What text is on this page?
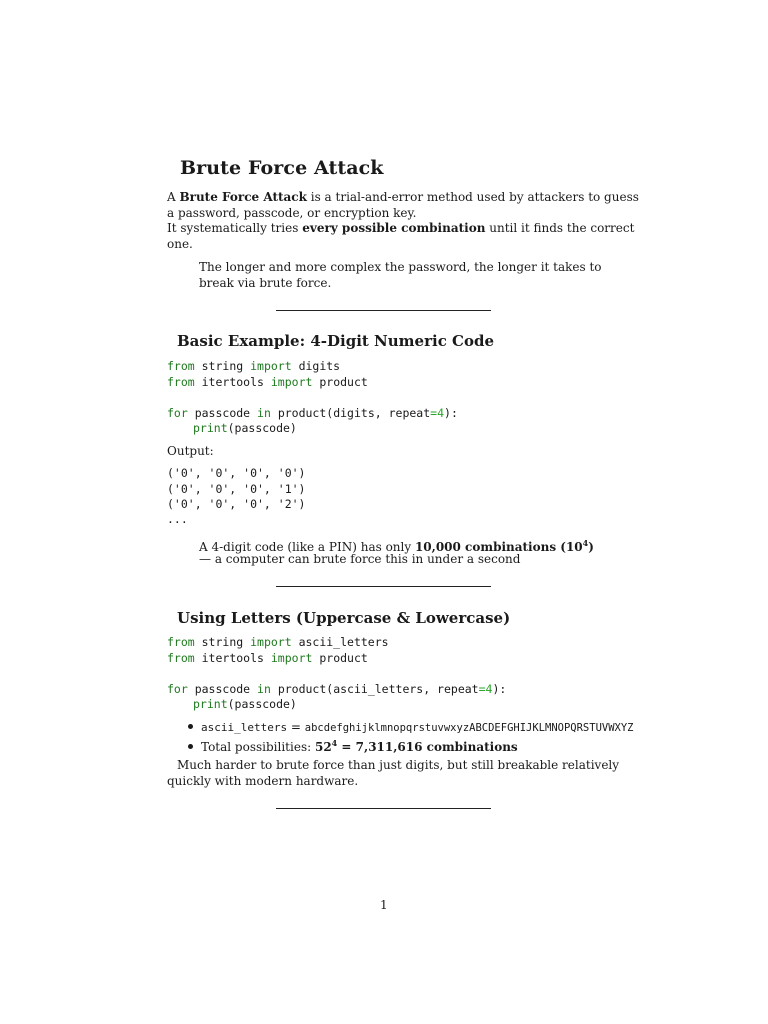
Brute Force Attack
A Brute Force Attack is a trial-and-error method used by attackers to guess
a password, passcode, or encryption key.
It systematically tries every possible combination until it finds the correct
one.
The longer and more complex the password, the longer it takes to
break via brute force.
Basic Example: 4-Digit Numeric Code
from string import digits
from itertools import product
for passcode in product(digits, repeat=4):
print(passcode)
Output:
('0', '0', '0', '0')
('0', '0', '0', '1')
('0', '0', '0', '2')
...
A 4-digit code (like a PIN) has only 10,000 combinations $(10^4)$
— a computer can brute force this in under a second
Using Letters (Uppercase & Lowercase)
from string import ascii_letters
from itertools import product
for passcode in product(ascii_letters, repeat=4):
print(passcode)
ascii_letters = abcdefghijklmnopqrstuvwxyzABCDEFGHIJKLMNOPQRSTUVWXYZ
Total possibilities: $52^4 = 7,311,616$ combinations
Much harder to brute force than just digits, but still breakable relatively
quickly with modern hardware.
1
